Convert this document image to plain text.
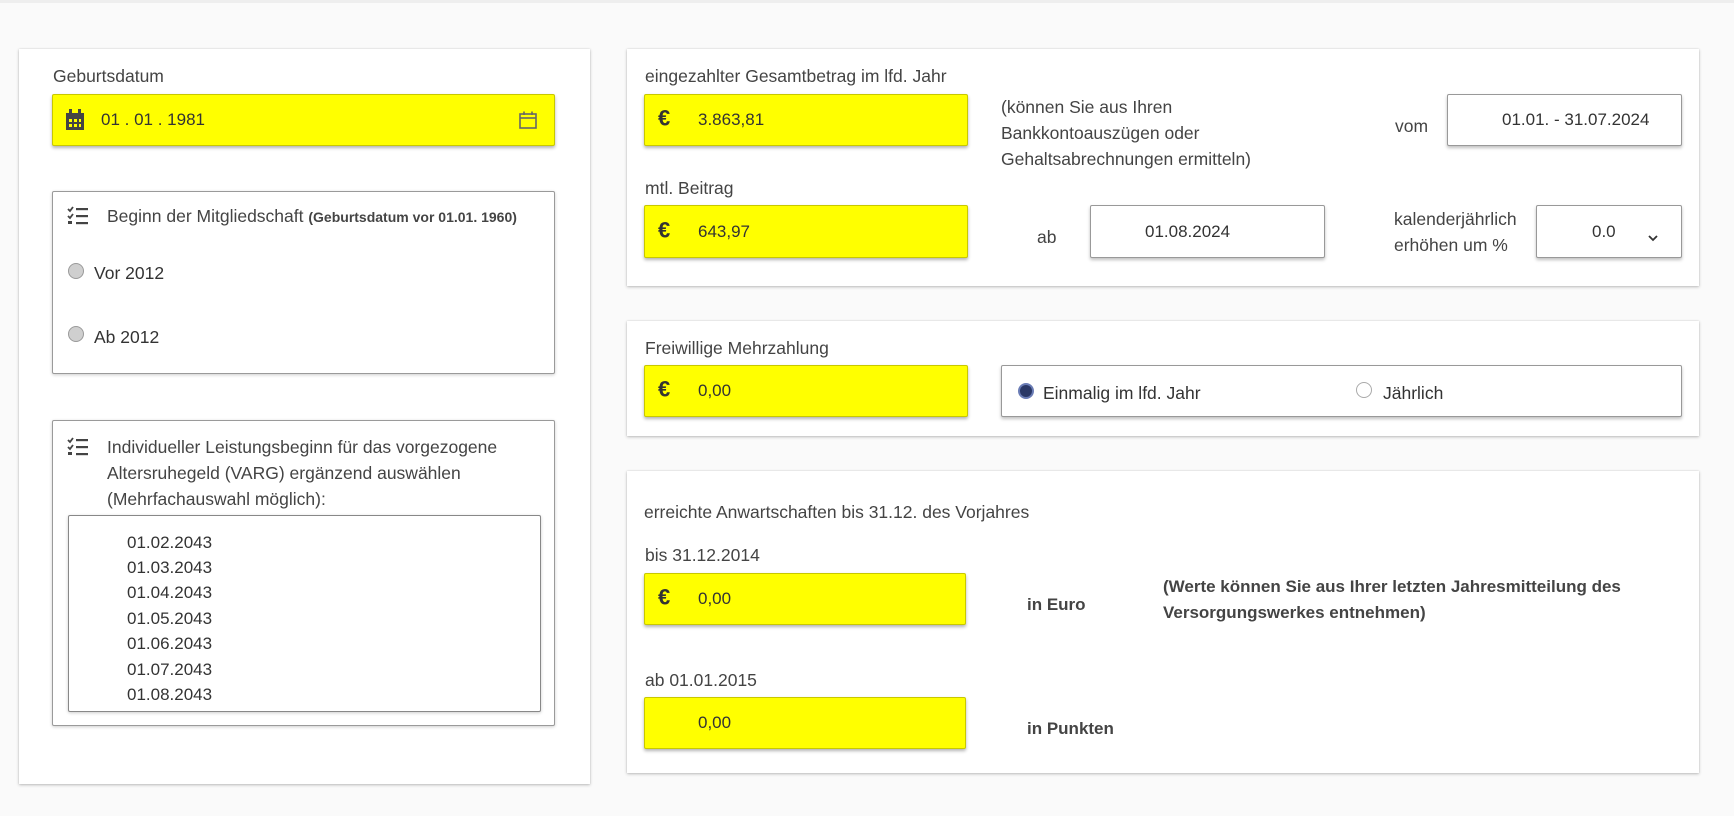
Geburtsdatum
01 . 01 . 1981
Beginn der Mitgliedschaft (Geburtsdatum vor 01.01. 1960)
Vor 2012
Ab 2012
Individueller Leistungsbeginn für das vorgezogene
Altersruhegeld (VARG) ergänzend auswählen
(Mehrfachauswahl möglich):
01.02.2043
01.03.2043
01.04.2043
01.05.2043
01.06.2043
01.07.2043
01.08.2043
eingezahlter Gesamtbetrag im lfd. Jahr
€ 3.863,81
(können Sie aus Ihren
Bankkontoauszügen oder
Gehaltsabrechnungen ermitteln)
vom	01.01. - 31.07.2024
mtl. Beitrag
€ 643,97	ab	01.08.2024
kalenderjährlich
erhöhen um %
0.0
Freiwillige Mehrzahlung
€ 0,00	Einmalig im lfd. Jahr	Jährlich
erreichte Anwartschaften bis 31.12. des Vorjahres
bis 31.12.2014
€ 0,00	in Euro
(Werte können Sie aus Ihrer letzten Jahresmitteilung des
Versorgungswerkes entnehmen)
ab 01.01.2015
0,00	in Punkten
